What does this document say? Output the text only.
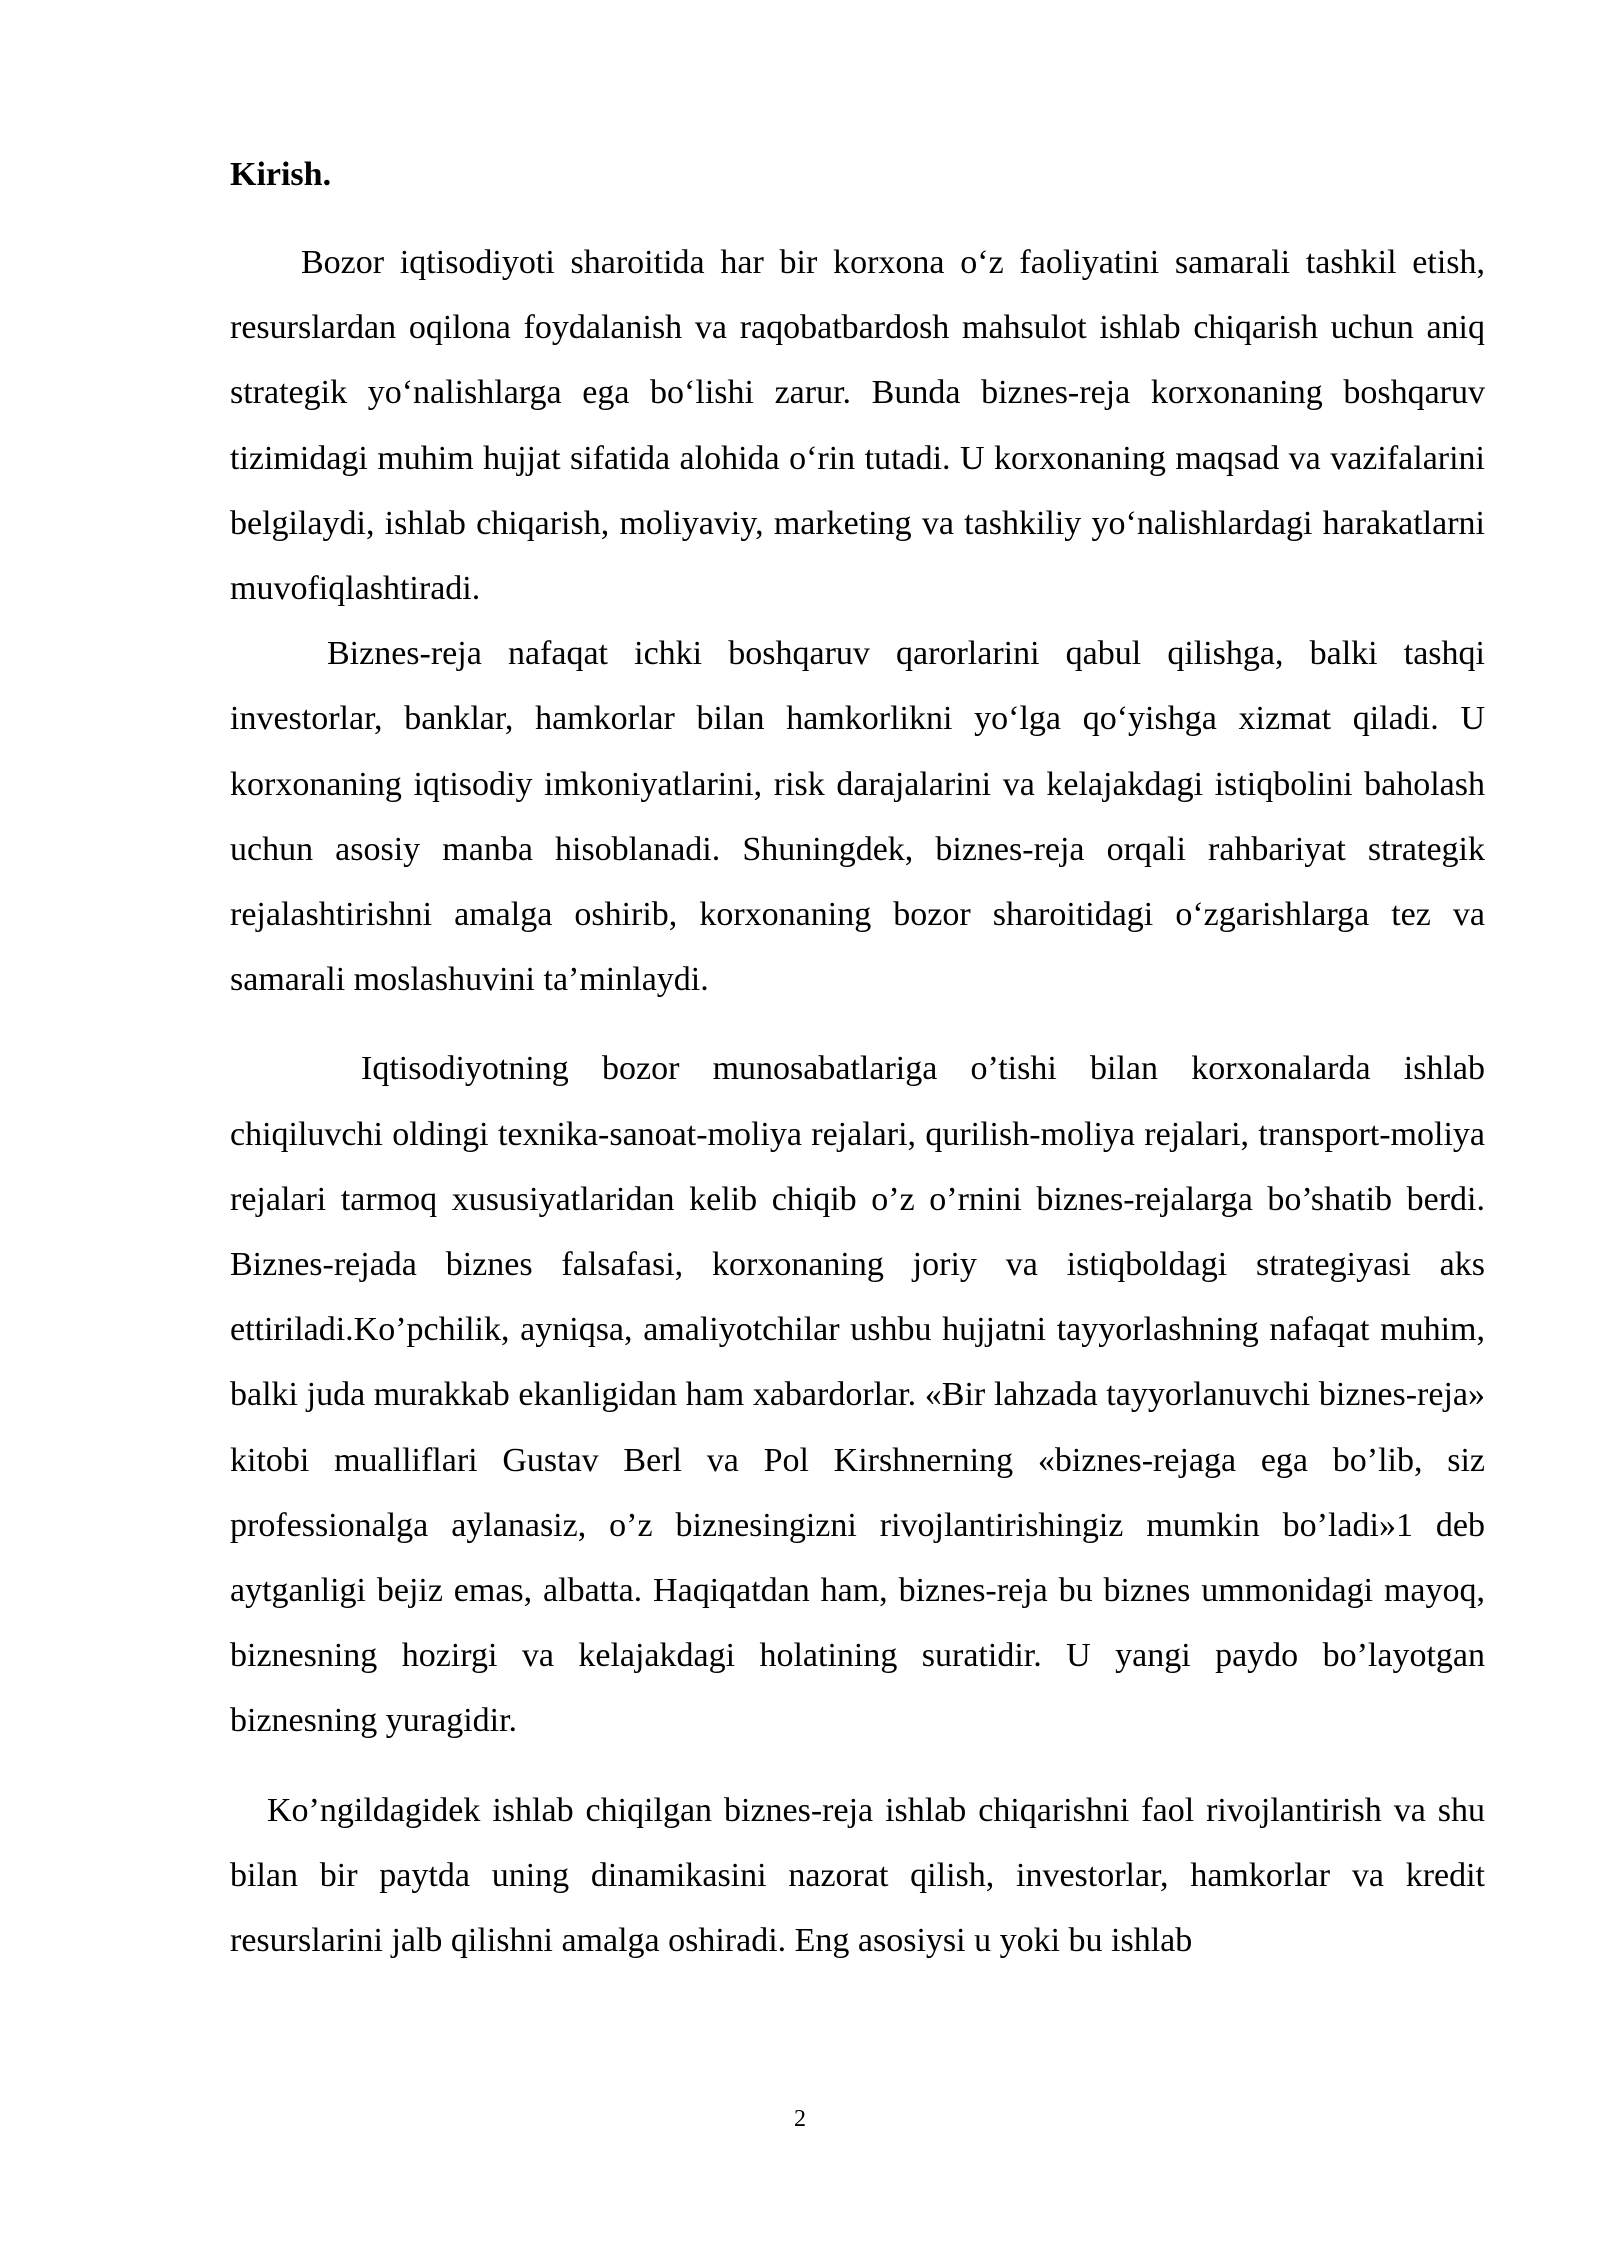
Kirish.

Bozor iqtisodiyoti sharoitida har bir korxona o‘z faoliyatini samarali tashkil etish, resurslardan oqilona foydalanish va raqobatbardosh mahsulot ishlab chiqarish uchun aniq strategik yo‘nalishlarga ega bo‘lishi zarur. Bunda biznes-reja korxonaning boshqaruv tizimidagi muhim hujjat sifatida alohida o‘rin tutadi. U korxonaning maqsad va vazifalarini belgilaydi, ishlab chiqarish, moliyaviy, marketing va tashkiliy yo‘nalishlardagi harakatlarni muvofiqlashtiradi.

Biznes-reja nafaqat ichki boshqaruv qarorlarini qabul qilishga, balki tashqi investorlar, banklar, hamkorlar bilan hamkorlikni yo‘lga qo‘yishga xizmat qiladi. U korxonaning iqtisodiy imkoniyatlarini, risk darajalarini va kelajakdagi istiqbolini baholash uchun asosiy manba hisoblanadi. Shuningdek, biznes-reja orqali rahbariyat strategik rejalashtirishni amalga oshirib, korxonaning bozor sharoitidagi o‘zgarishlarga tez va samarali moslashuvini ta’minlaydi.

Iqtisodiyotning bozor munosabatlariga o’tishi bilan korxonalarda ishlab chiqiluvchi oldingi texnika-sanoat-moliya rejalari, qurilish-moliya rejalari, transport-moliya rejalari tarmoq xususiyatlaridan kelib chiqib o’z o’rnini biznes-rejalarga bo’shatib berdi. Biznes-rejada biznes falsafasi, korxonaning joriy va istiqboldagi strategiyasi aks ettiriladi.Ko’pchilik, ayniqsa, amaliyotchilar ushbu hujjatni tayyorlashning nafaqat muhim, balki juda murakkab ekanligidan ham xabardorlar. «Bir lahzada tayyorlanuvchi biznes-reja» kitobi mualliflari Gustav Berl va Pol Kirshnerning «biznes-rejaga ega bo’lib, siz professionalga aylanasiz, o’z biznesingizni rivojlantirishingiz mumkin bo’ladi»1 deb aytganligi bejiz emas, albatta. Haqiqatdan ham, biznes-reja bu biznes ummonidagi mayoq, biznesning hozirgi va kelajakdagi holatining suratidir. U yangi paydo bo’layotgan biznesning yuragidir.

Ko’ngildagidek ishlab chiqilgan biznes-reja ishlab chiqarishni faol rivojlantirish va shu bilan bir paytda uning dinamikasini nazorat qilish, investorlar, hamkorlar va kredit resurslarini jalb qilishni amalga oshiradi. Eng asosiysi u yoki bu ishlab

2
